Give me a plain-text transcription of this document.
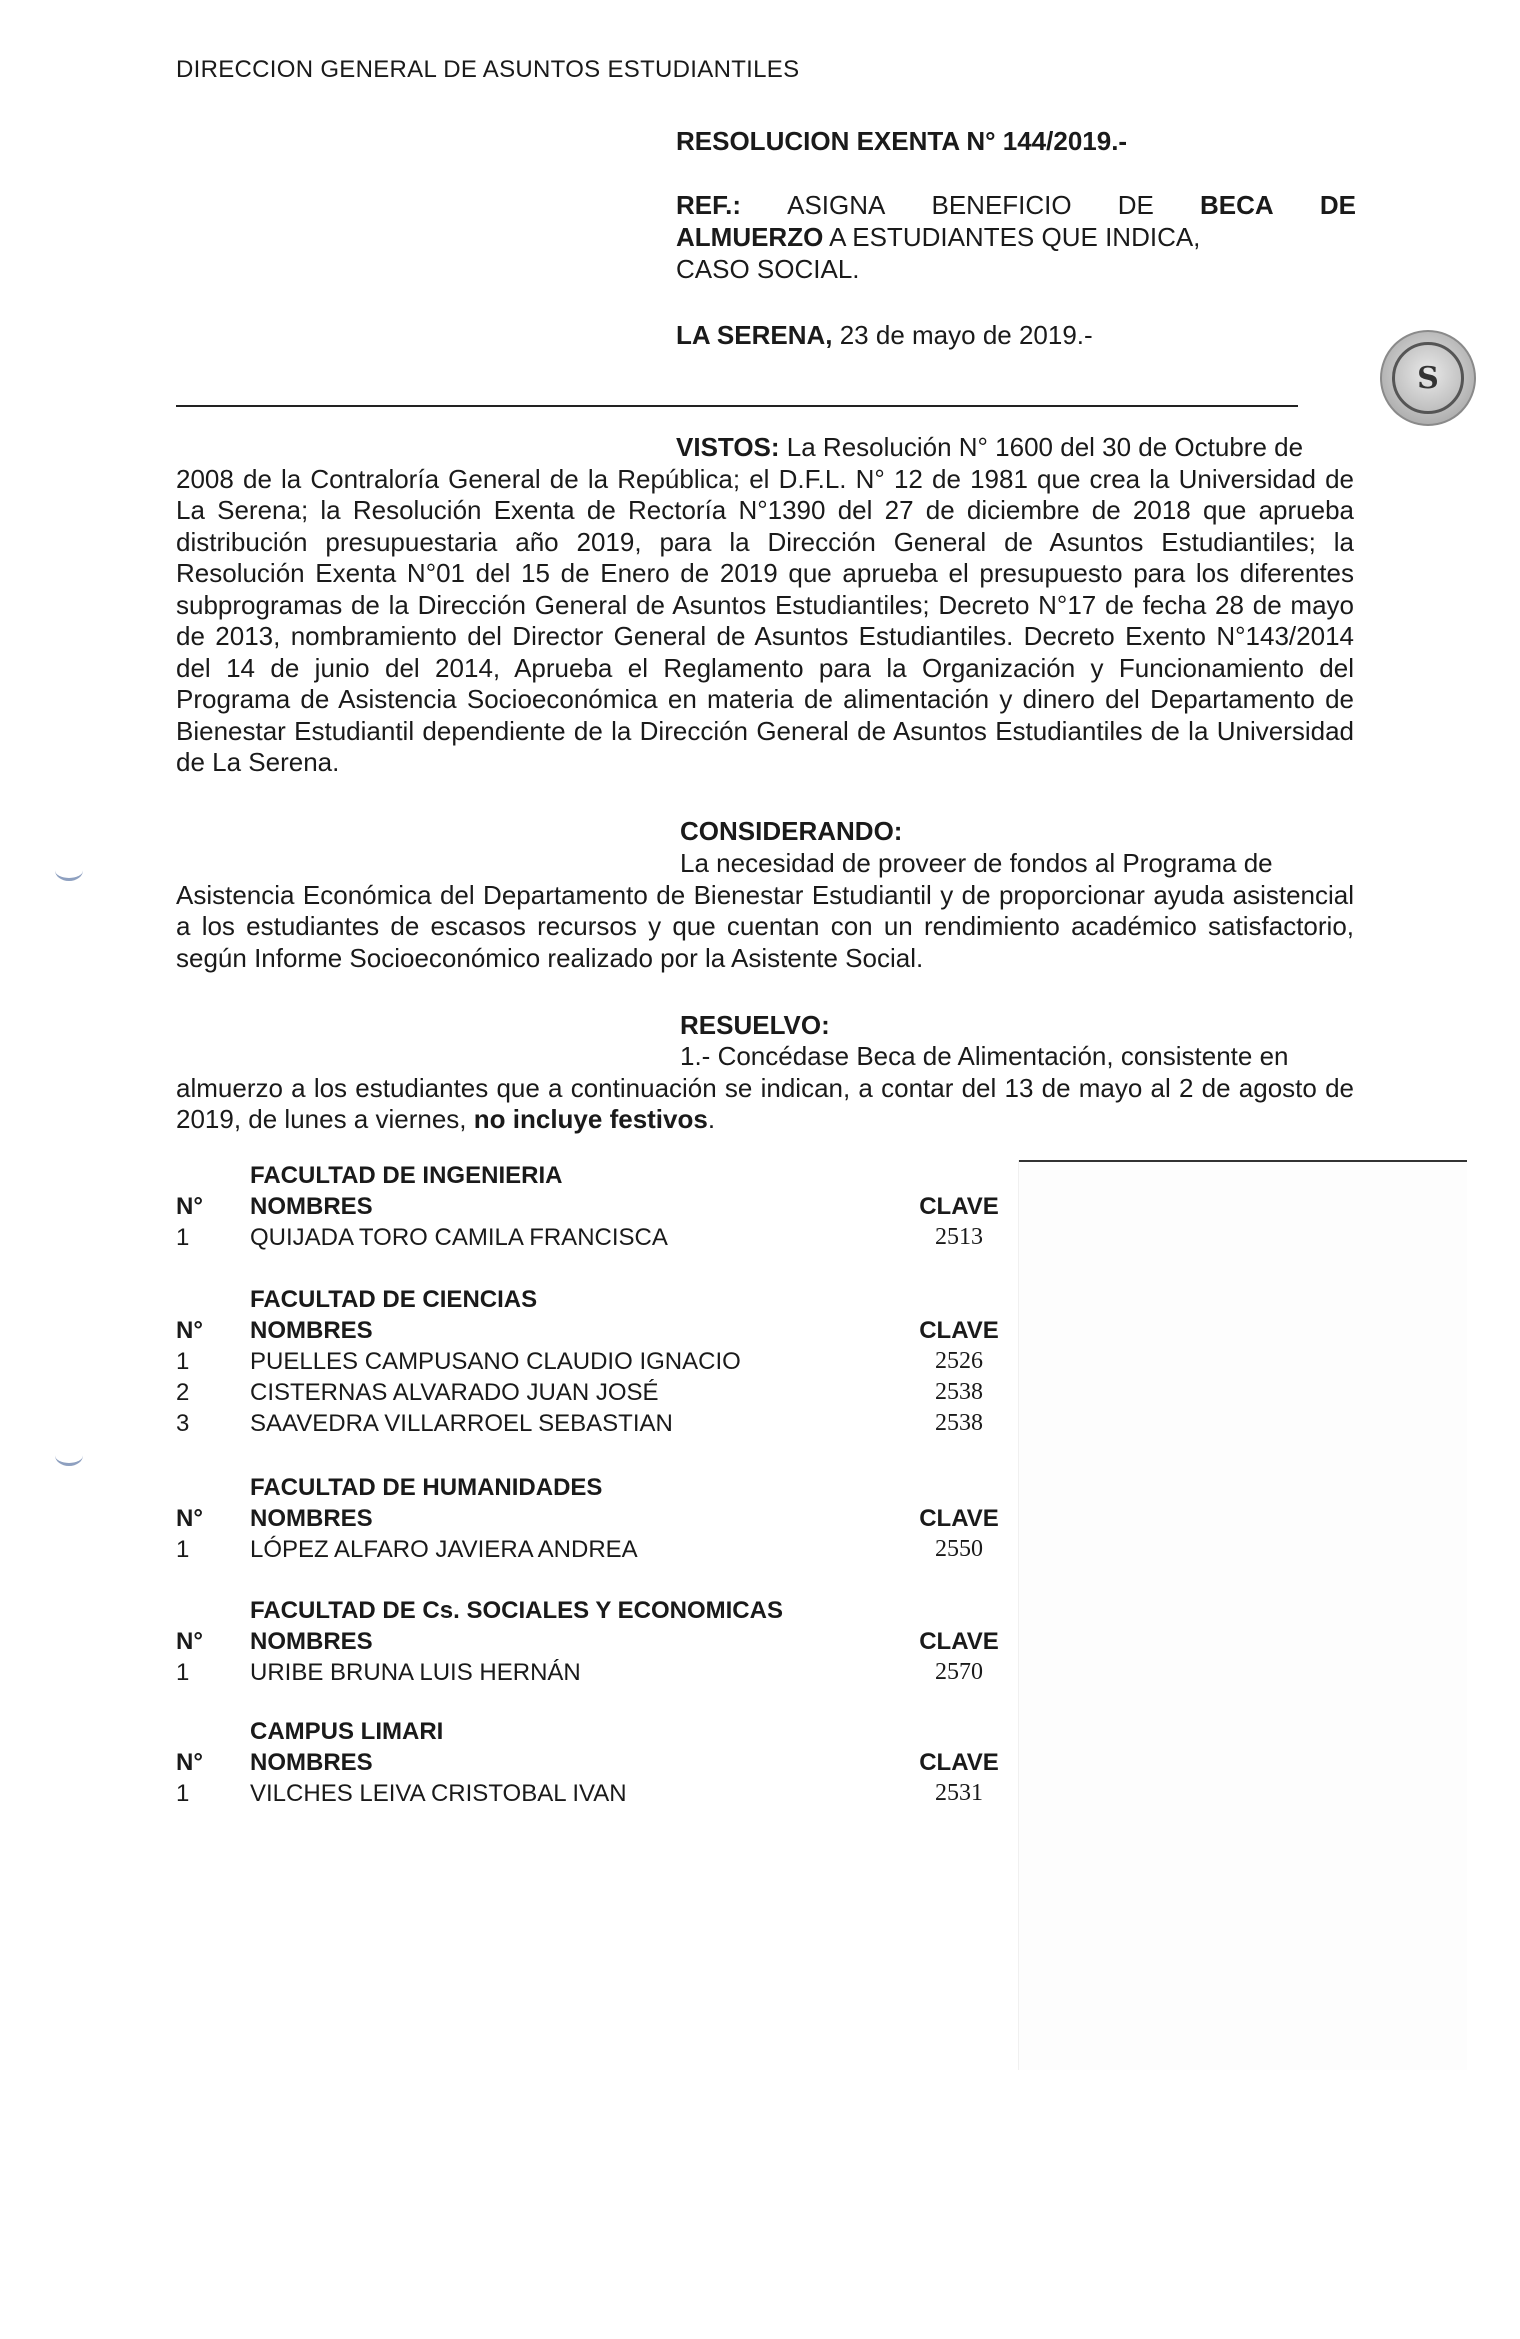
DIRECCION GENERAL DE ASUNTOS ESTUDIANTILES
RESOLUCION EXENTA N° 144/2019.-
REF.: ASIGNA BENEFICIO DE BECA DE
ALMUERZO A ESTUDIANTES QUE INDICA,
CASO SOCIAL.
LA SERENA, 23 de mayo de 2019.-
S
VISTOS: La Resolución N° 1600 del 30 de Octubre de
2008 de la Contraloría General de la República; el D.F.L. N° 12 de 1981 que crea la Universidad de La Serena; la Resolución Exenta de Rectoría N°1390 del 27 de diciembre de 2018 que aprueba distribución presupuestaria año 2019, para la Dirección General de Asuntos Estudiantiles; la Resolución Exenta N°01 del 15 de Enero de 2019 que aprueba el presupuesto para los diferentes subprogramas de la Dirección General de Asuntos Estudiantiles; Decreto N°17 de fecha 28 de mayo de 2013, nombramiento del Director General de Asuntos Estudiantiles. Decreto Exento N°143/2014 del 14 de junio del 2014, Aprueba el Reglamento para la Organización y Funcionamiento del Programa de Asistencia Socioeconómica en materia de alimentación y dinero del Departamento de Bienestar Estudiantil dependiente de la Dirección General de Asuntos Estudiantiles de la Universidad de La Serena.
CONSIDERANDO:
La necesidad de proveer de fondos al Programa de
Asistencia Económica del Departamento de Bienestar Estudiantil y de proporcionar ayuda asistencial a los estudiantes de escasos recursos y que cuentan con un rendimiento académico satisfactorio, según Informe Socioeconómico realizado por la Asistente Social.
RESUELVO:
1.- Concédase Beca de Alimentación, consistente en
almuerzo a los estudiantes que a continuación se indican, a contar del 13 de mayo al 2 de agosto de 2019, de lunes a viernes, no incluye festivos.
FACULTAD DE INGENIERIA
N° NOMBRES	CLAVE
1	QUIJADA TORO CAMILA FRANCISCA	2513
FACULTAD DE CIENCIAS
N° NOMBRES	CLAVE
1	PUELLES CAMPUSANO CLAUDIO IGNACIO	2526
2	CISTERNAS ALVARADO JUAN JOSÉ	2538
3	SAAVEDRA VILLARROEL SEBASTIAN	2538
FACULTAD DE HUMANIDADES
N° NOMBRES	CLAVE
1	LÓPEZ ALFARO JAVIERA ANDREA	2550
FACULTAD DE Cs. SOCIALES Y ECONOMICAS
N° NOMBRES	CLAVE
1	URIBE BRUNA LUIS HERNÁN	2570
CAMPUS LIMARI
N° NOMBRES	CLAVE
1	VILCHES LEIVA CRISTOBAL IVAN	2531
